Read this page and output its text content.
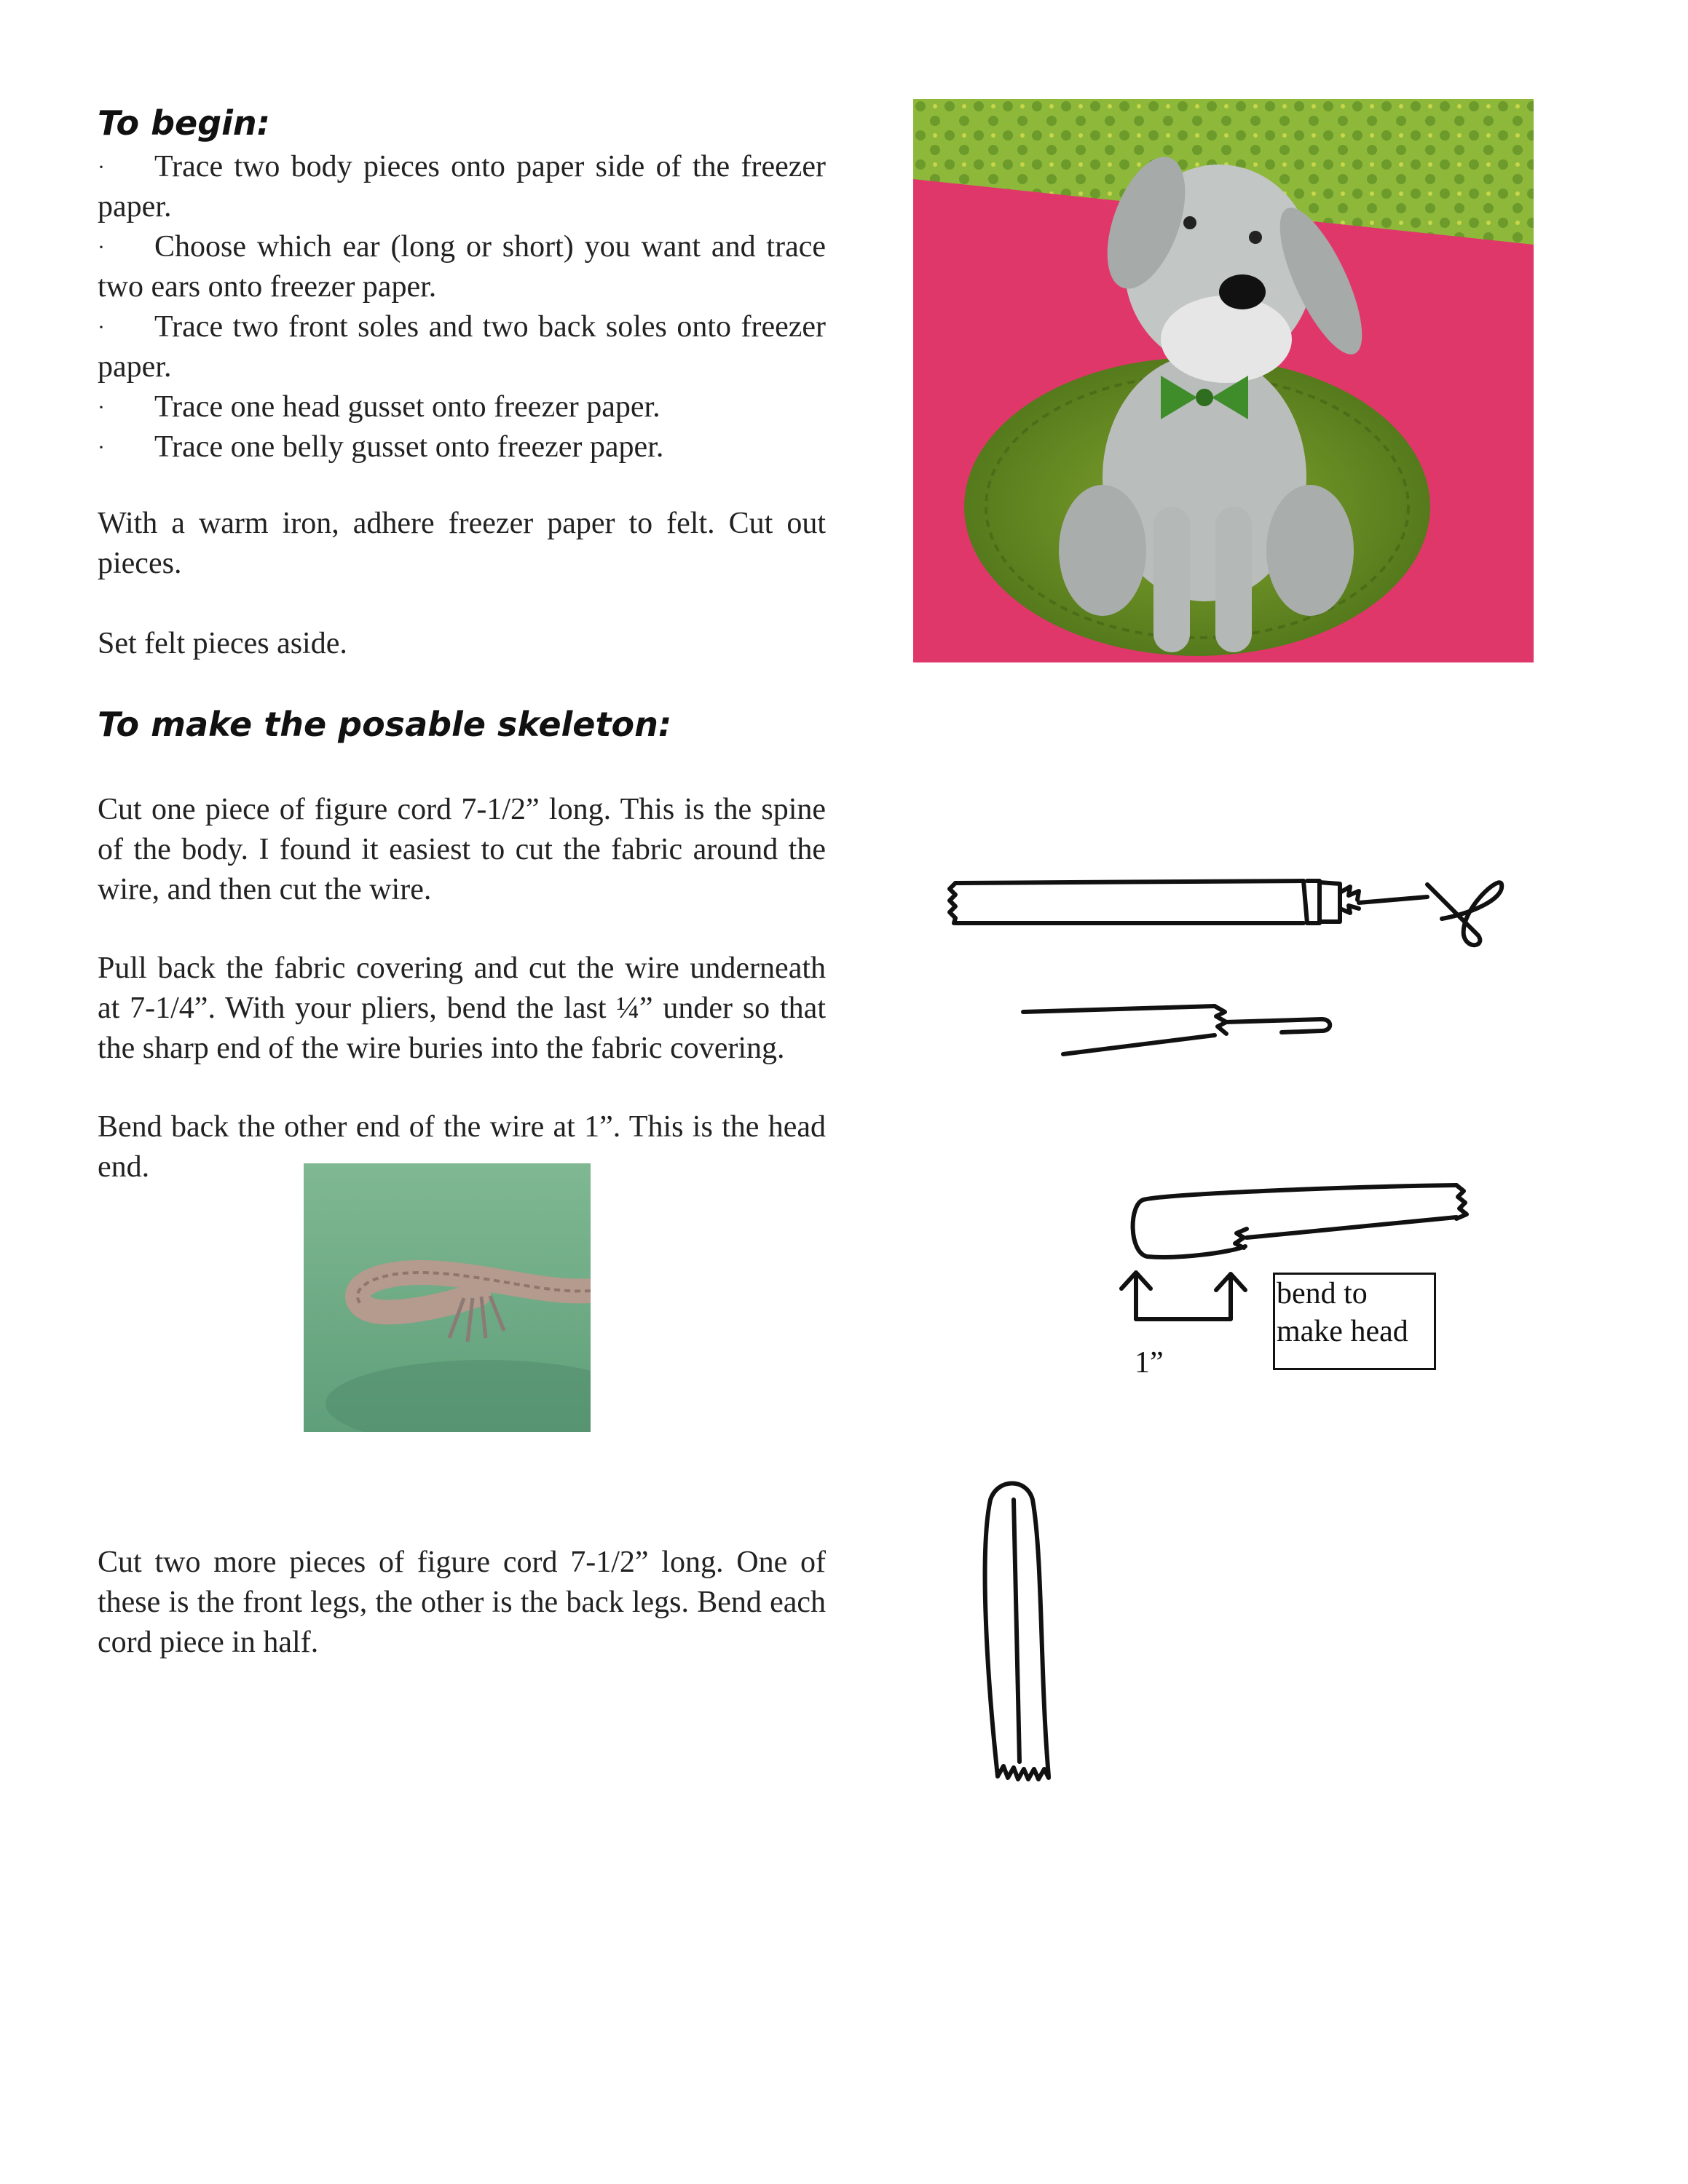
To begin:
· Trace two body pieces onto paper side of the freezer paper.
· Choose which ear (long or short) you want and trace two ears onto freezer paper.
· Trace two front soles and two back soles onto freezer paper.
· Trace one head gusset onto freezer paper.
· Trace one belly gusset onto freezer paper.

With a warm iron, adhere freezer paper to felt. Cut out pieces.

Set felt pieces aside.

To make the posable skeleton:

Cut one piece of figure cord 7-1/2” long. This is the spine of the body. I found it easiest to cut the fabric around the wire, and then cut the wire.

Pull back the fabric covering and cut the wire underneath at 7-1/4”. With your pliers, bend the last ¼” under so that the sharp end of the wire buries into the fabric covering.

Bend back the other end of the wire at 1”. This is the head end.

Cut two more pieces of figure cord 7-1/2” long. One of these is the front legs, the other is the back legs. Bend each cord piece in half.

bend to make head
1”
